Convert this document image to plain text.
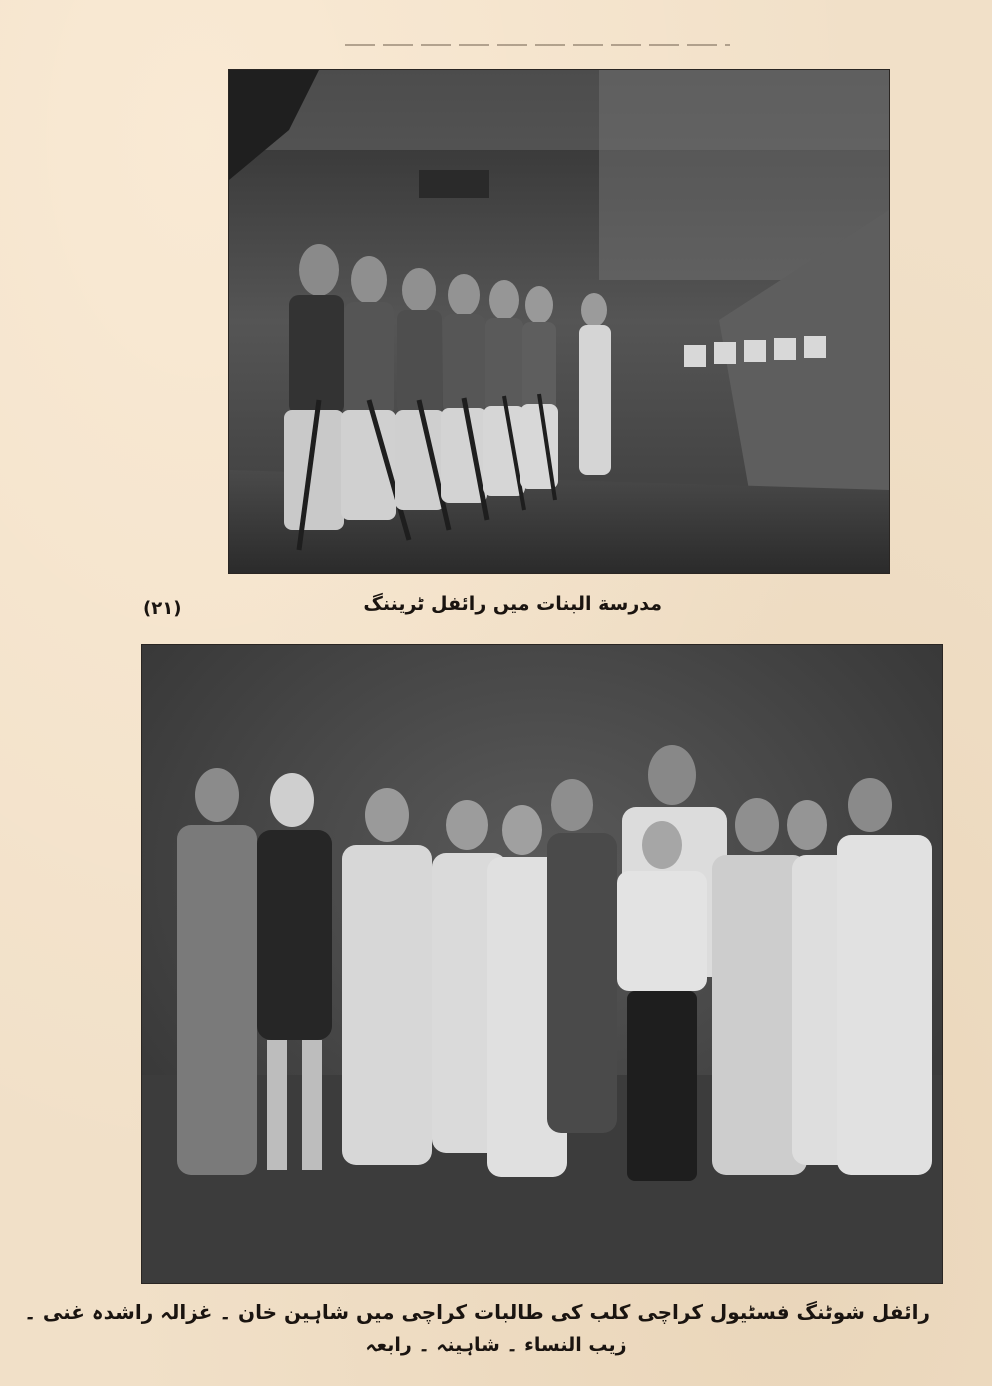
(۲۱)	مدرسة البنات میں رائفل ٹریننگ
رائفل شوٹنگ فسٹیول کراچی کلب کی طالبات کراچی میں شاہین خان ۔ غزالہ راشدہ غنی ۔
زیب النساء ۔ شاہینہ ۔ رابعہ
